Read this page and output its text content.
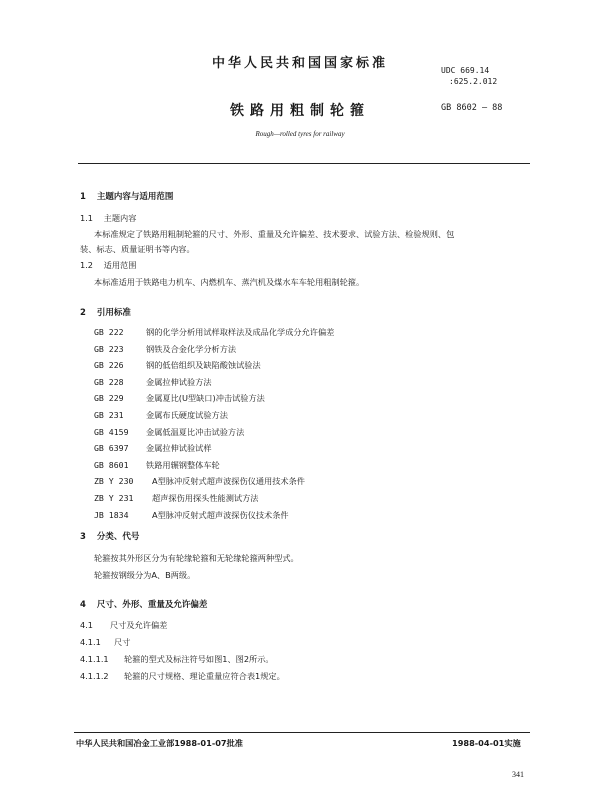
中华人民共和国国家标准	UDC 669.14
:625.2.012
铁路用粗制轮箍	GB 8602 — 88
Rough—rolled tyres for railway
1 主题内容与适用范围
1.1 主题内容
本标准规定了铁路用粗制轮箍的尺寸、外形、重量及允许偏差、技术要求、试验方法、检验规则、包
装、标志、质量证明书等内容。
1.2 适用范围
本标准适用于铁路电力机车、内燃机车、蒸汽机及煤水车车轮用粗制轮箍。
2 引用标准
GB 222	钢的化学分析用试样取样法及成品化学成分允许偏差
GB 223	钢铁及合金化学分析方法
GB 226	钢的低倍组织及缺陷酸蚀试验法
GB 228	金属拉伸试验方法
GB 229	金属夏比(U型缺口)冲击试验方法
GB 231	金属布氏硬度试验方法
GB 4159 金属低温夏比冲击试验方法
GB 6397 金属拉伸试验试样
GB 8601 铁路用辗钢整体车轮
ZB Y 230 A型脉冲反射式超声波探伤仪通用技术条件
ZB Y 231 超声探伤用探头性能测试方法
JB 1834	A型脉冲反射式超声波探伤仪技术条件
3 分类、代号
轮箍按其外形区分为有轮缘轮箍和无轮缘轮箍两种型式。
轮箍按钢级分为A、B两级。
4 尺寸、外形、重量及允许偏差
4.1 尺寸及允许偏差
4.1.1 尺寸
4.1.1.1 轮箍的型式及标注符号如图1、图2所示。
4.1.1.2 轮箍的尺寸规格、理论重量应符合表1规定。
中华人民共和国冶金工业部1988-01-07批准	1988-04-01实施
341
